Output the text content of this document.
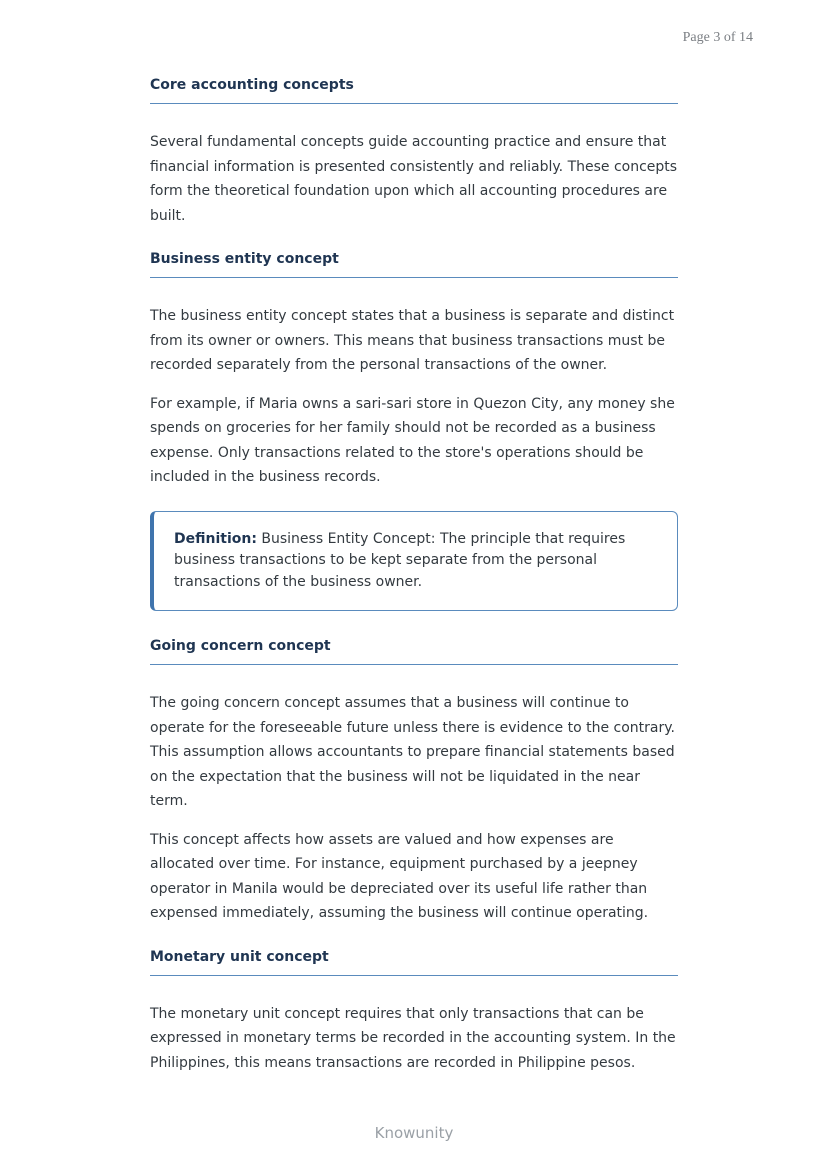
Page 3 of 14
Core accounting concepts

Several fundamental concepts guide accounting practice and ensure that financial information is presented consistently and reliably. These concepts form the theoretical foundation upon which all accounting procedures are built.

Business entity concept

The business entity concept states that a business is separate and distinct from its owner or owners. This means that business transactions must be recorded separately from the personal transactions of the owner.

For example, if Maria owns a sari-sari store in Quezon City, any money she spends on groceries for her family should not be recorded as a business expense. Only transactions related to the store's operations should be included in the business records.

Definition: Business Entity Concept: The principle that requires business transactions to be kept separate from the personal transactions of the business owner.
Going concern concept

The going concern concept assumes that a business will continue to operate for the foreseeable future unless there is evidence to the contrary. This assumption allows accountants to prepare financial statements based on the expectation that the business will not be liquidated in the near term.

This concept affects how assets are valued and how expenses are allocated over time. For instance, equipment purchased by a jeepney operator in Manila would be depreciated over its useful life rather than expensed immediately, assuming the business will continue operating.

Monetary unit concept

The monetary unit concept requires that only transactions that can be expressed in monetary terms be recorded in the accounting system. In the Philippines, this means transactions are recorded in Philippine pesos.

Knowunity
